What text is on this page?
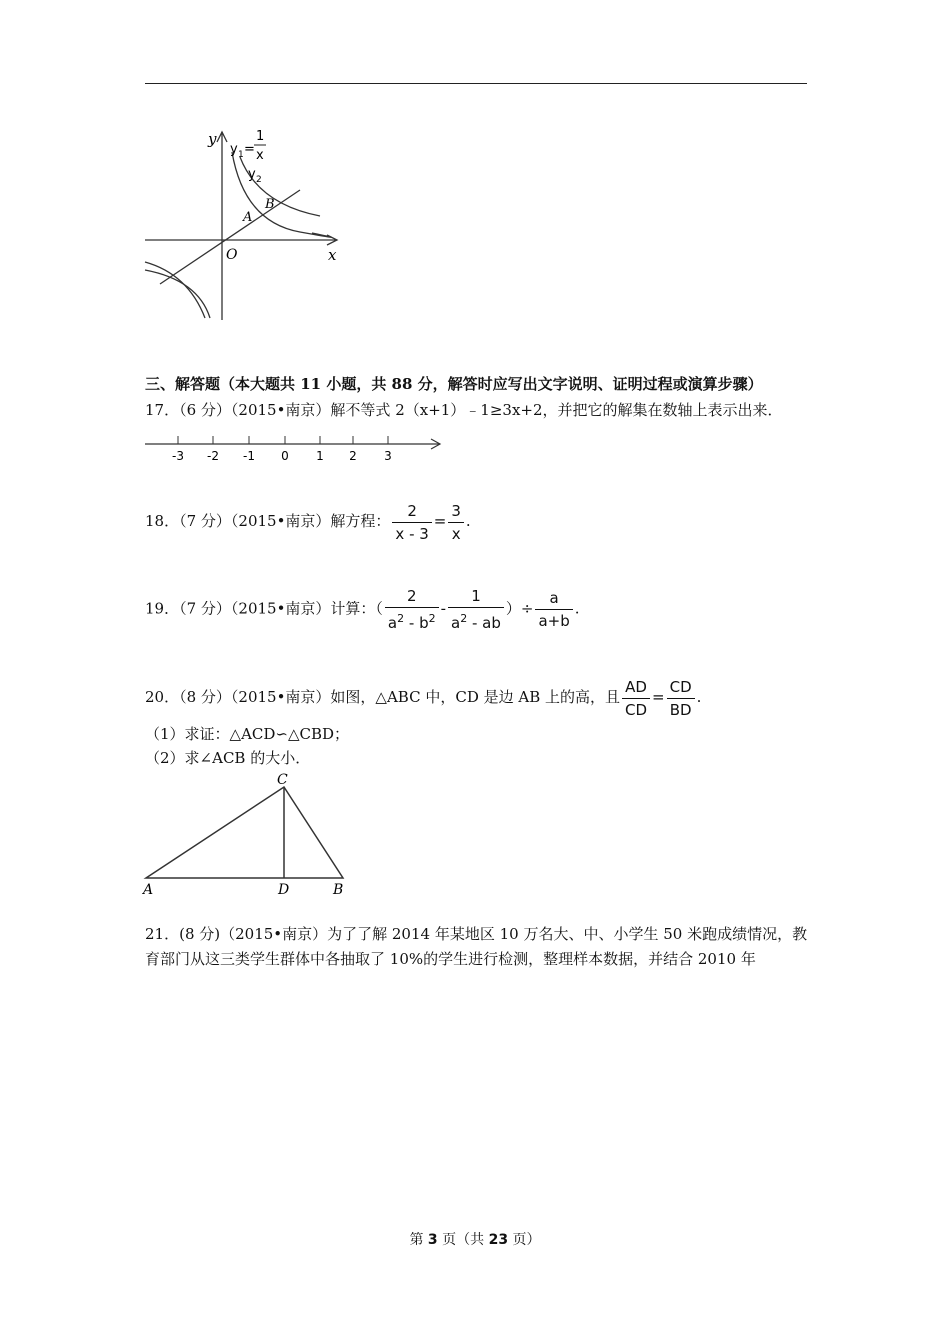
y
x
O
y 1 =
1
x
y 2
A
B
三、解答题（本大题共 11 小题，共 88 分，解答时应写出文字说明、证明过程或演算步骤）
17．（6 分）（2015•南京）解不等式 2（x+1）﹣1≥3x+2，并把它的解集在数轴上表示出来．
-3 -2 -1 0 1 2 3
18．（7 分）（2015•南京）解方程： $\frac{2}{x - 3} = \frac{3}{x}$ .
19．（7 分）（2015•南京）计算：（ $\frac{2}{a^2 - b^2} - \frac{1}{a^2 - ab}$ ）÷ $\frac{a}{a+b}$ .
20．（8 分）（2015•南京）如图，△ABC 中，CD 是边 AB 上的高，且 $\frac{AD}{CD} = \frac{CD}{BD}$ .
（1）求证：△ACD∽△CBD；
（2）求∠ACB 的大小．
C
A	D	B
21．(8 分)（2015•南京）为了了解 2014 年某地区 10 万名大、中、小学生 50 米跑成绩情况，教
育部门从这三类学生群体中各抽取了 10%的学生进行检测，整理样本数据，并结合 2010 年
第 3 页（共 23 页）
